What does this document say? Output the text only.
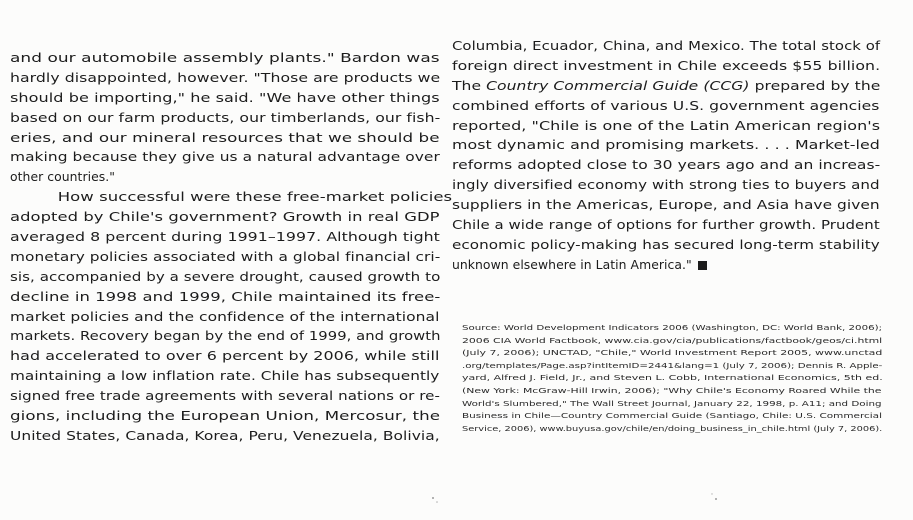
and our automobile assembly plants." Bardon was
hardly disappointed, however. "Those are products we
should be importing," he said. "We have other things
based on our farm products, our timberlands, our fish-
eries, and our mineral resources that we should be
making because they give us a natural advantage over
other countries."
How successful were these free-market policies
adopted by Chile's government? Growth in real GDP
averaged 8 percent during 1991–1997. Although tight
monetary policies associated with a global financial cri-
sis, accompanied by a severe drought, caused growth to
decline in 1998 and 1999, Chile maintained its free-
market policies and the confidence of the international
markets. Recovery began by the end of 1999, and growth
had accelerated to over 6 percent by 2006, while still
maintaining a low inflation rate. Chile has subsequently
signed free trade agreements with several nations or re-
gions, including the European Union, Mercosur, the
United States, Canada, Korea, Peru, Venezuela, Bolivia,
Columbia, Ecuador, China, and Mexico. The total stock of
foreign direct investment in Chile exceeds $55 billion.
The Country Commercial Guide (CCG) prepared by the
combined efforts of various U.S. government agencies
reported, "Chile is one of the Latin American region's
most dynamic and promising markets. . . . Market-led
reforms adopted close to 30 years ago and an increas-
ingly diversified economy with strong ties to buyers and
suppliers in the Americas, Europe, and Asia have given
Chile a wide range of options for further growth. Prudent
economic policy-making has secured long-term stability
unknown elsewhere in Latin America."
Source: World Development Indicators 2006 (Washington, DC: World Bank, 2006);
2006 CIA World Factbook, www.cia.gov/cia/publications/factbook/geos/ci.html
(July 7, 2006); UNCTAD, "Chile," World Investment Report 2005, www.unctad
.org/templates/Page.asp?intItemID=2441&lang=1 (July 7, 2006); Dennis R. Apple-
yard, Alfred J. Field, Jr., and Steven L. Cobb, International Economics, 5th ed.
(New York: McGraw-Hill Irwin, 2006); "Why Chile's Economy Roared While the
World's Slumbered," The Wall Street Journal, January 22, 1998, p. A11; and Doing
Business in Chile—Country Commercial Guide (Santiago, Chile: U.S. Commercial
Service, 2006), www.buyusa.gov/chile/en/doing_business_in_chile.html (July 7, 2006).
